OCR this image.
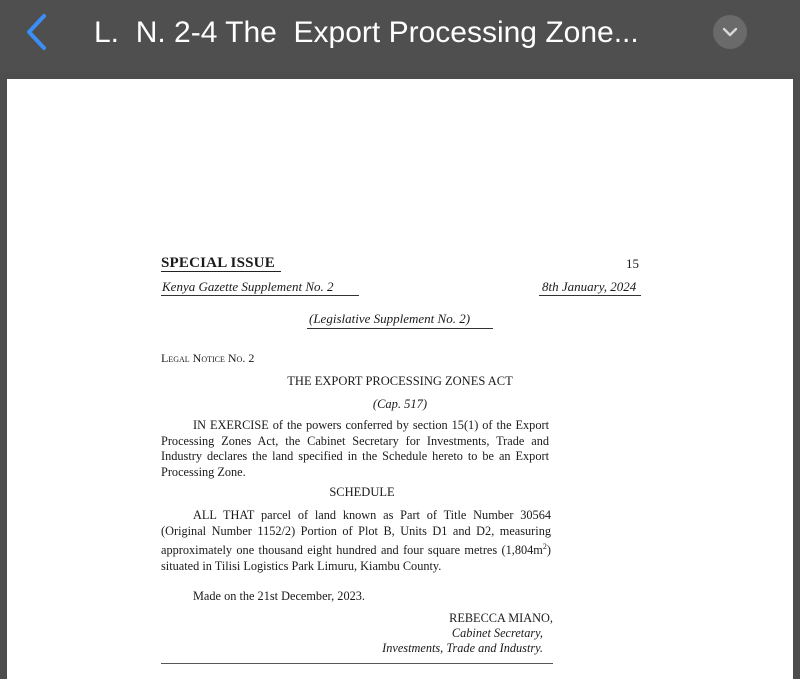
L.  N. 2-4 The  Export Processing Zone...
SPECIAL ISSUE	15
Kenya Gazette Supplement No. 2	8th January, 2024
(Legislative Supplement No. 2)
Legal Notice No. 2
THE EXPORT PROCESSING ZONES ACT
(Cap. 517)
IN EXERCISE of the powers conferred by section 15(1) of the Export Processing Zones Act, the Cabinet Secretary for Investments, Trade and Industry declares the land specified in the Schedule hereto to be an Export Processing Zone.
SCHEDULE
ALL THAT parcel of land known as Part of Title Number 30564 (Original Number 1152/2) Portion of Plot B, Units D1 and D2, measuring approximately one thousand eight hundred and four square metres $(1,804m^2)$ situated in Tilisi Logistics Park Limuru, Kiambu County.
Made on the 21st December, 2023.
REBECCA MIANO,
Cabinet Secretary,
Investments, Trade and Industry.
